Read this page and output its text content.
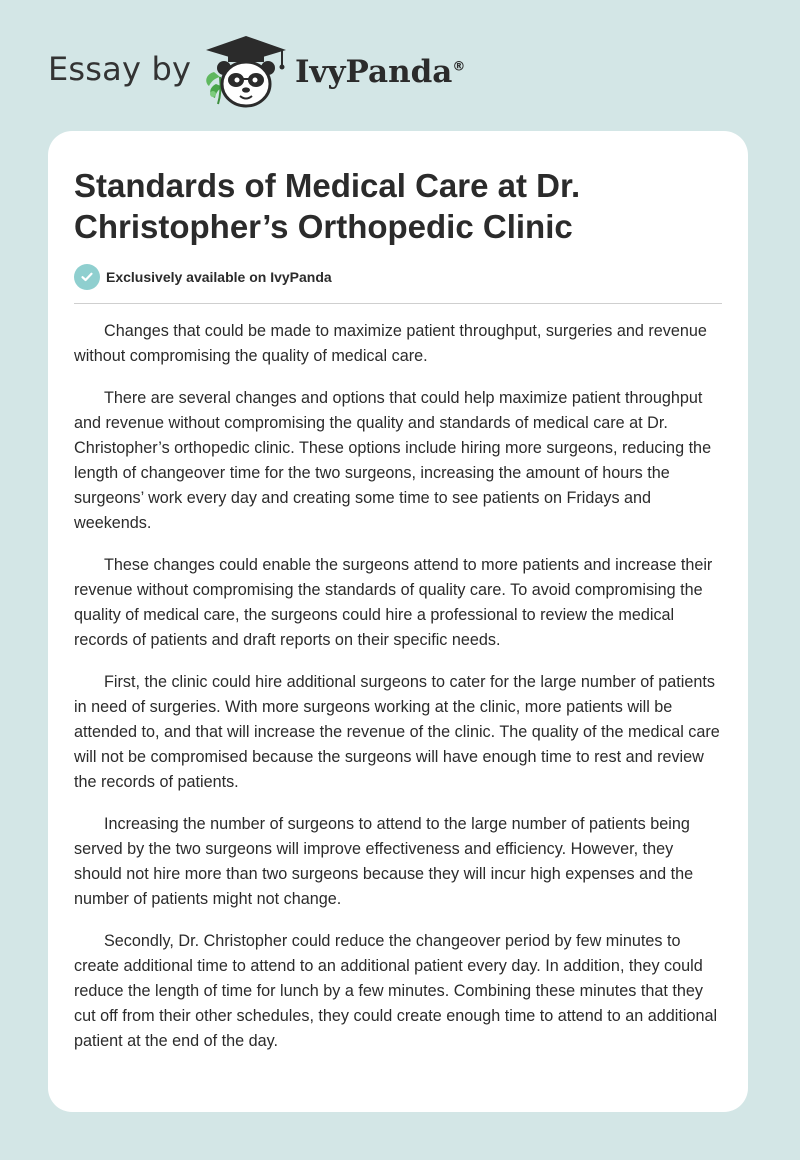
Essay by	IvyPanda®
Standards of Medical Care at Dr. Christopher’s Orthopedic Clinic
Exclusively available on IvyPanda

Changes that could be made to maximize patient throughput, surgeries and revenue without compromising the quality of medical care.

There are several changes and options that could help maximize patient throughput and revenue without compromising the quality and standards of medical care at Dr. Christopher’s orthopedic clinic. These options include hiring more surgeons, reducing the length of changeover time for the two surgeons, increasing the amount of hours the surgeons’ work every day and creating some time to see patients on Fridays and weekends.

These changes could enable the surgeons attend to more patients and increase their revenue without compromising the standards of quality care. To avoid compromising the quality of medical care, the surgeons could hire a professional to review the medical records of patients and draft reports on their specific needs.

First, the clinic could hire additional surgeons to cater for the large number of patients in need of surgeries. With more surgeons working at the clinic, more patients will be attended to, and that will increase the revenue of the clinic. The quality of the medical care will not be compromised because the surgeons will have enough time to rest and review the records of patients.

Increasing the number of surgeons to attend to the large number of patients being served by the two surgeons will improve effectiveness and efficiency. However, they should not hire more than two surgeons because they will incur high expenses and the number of patients might not change.

Secondly, Dr. Christopher could reduce the changeover period by few minutes to create additional time to attend to an additional patient every day. In addition, they could reduce the length of time for lunch by a few minutes. Combining these minutes that they cut off from their other schedules, they could create enough time to attend to an additional patient at the end of the day.
